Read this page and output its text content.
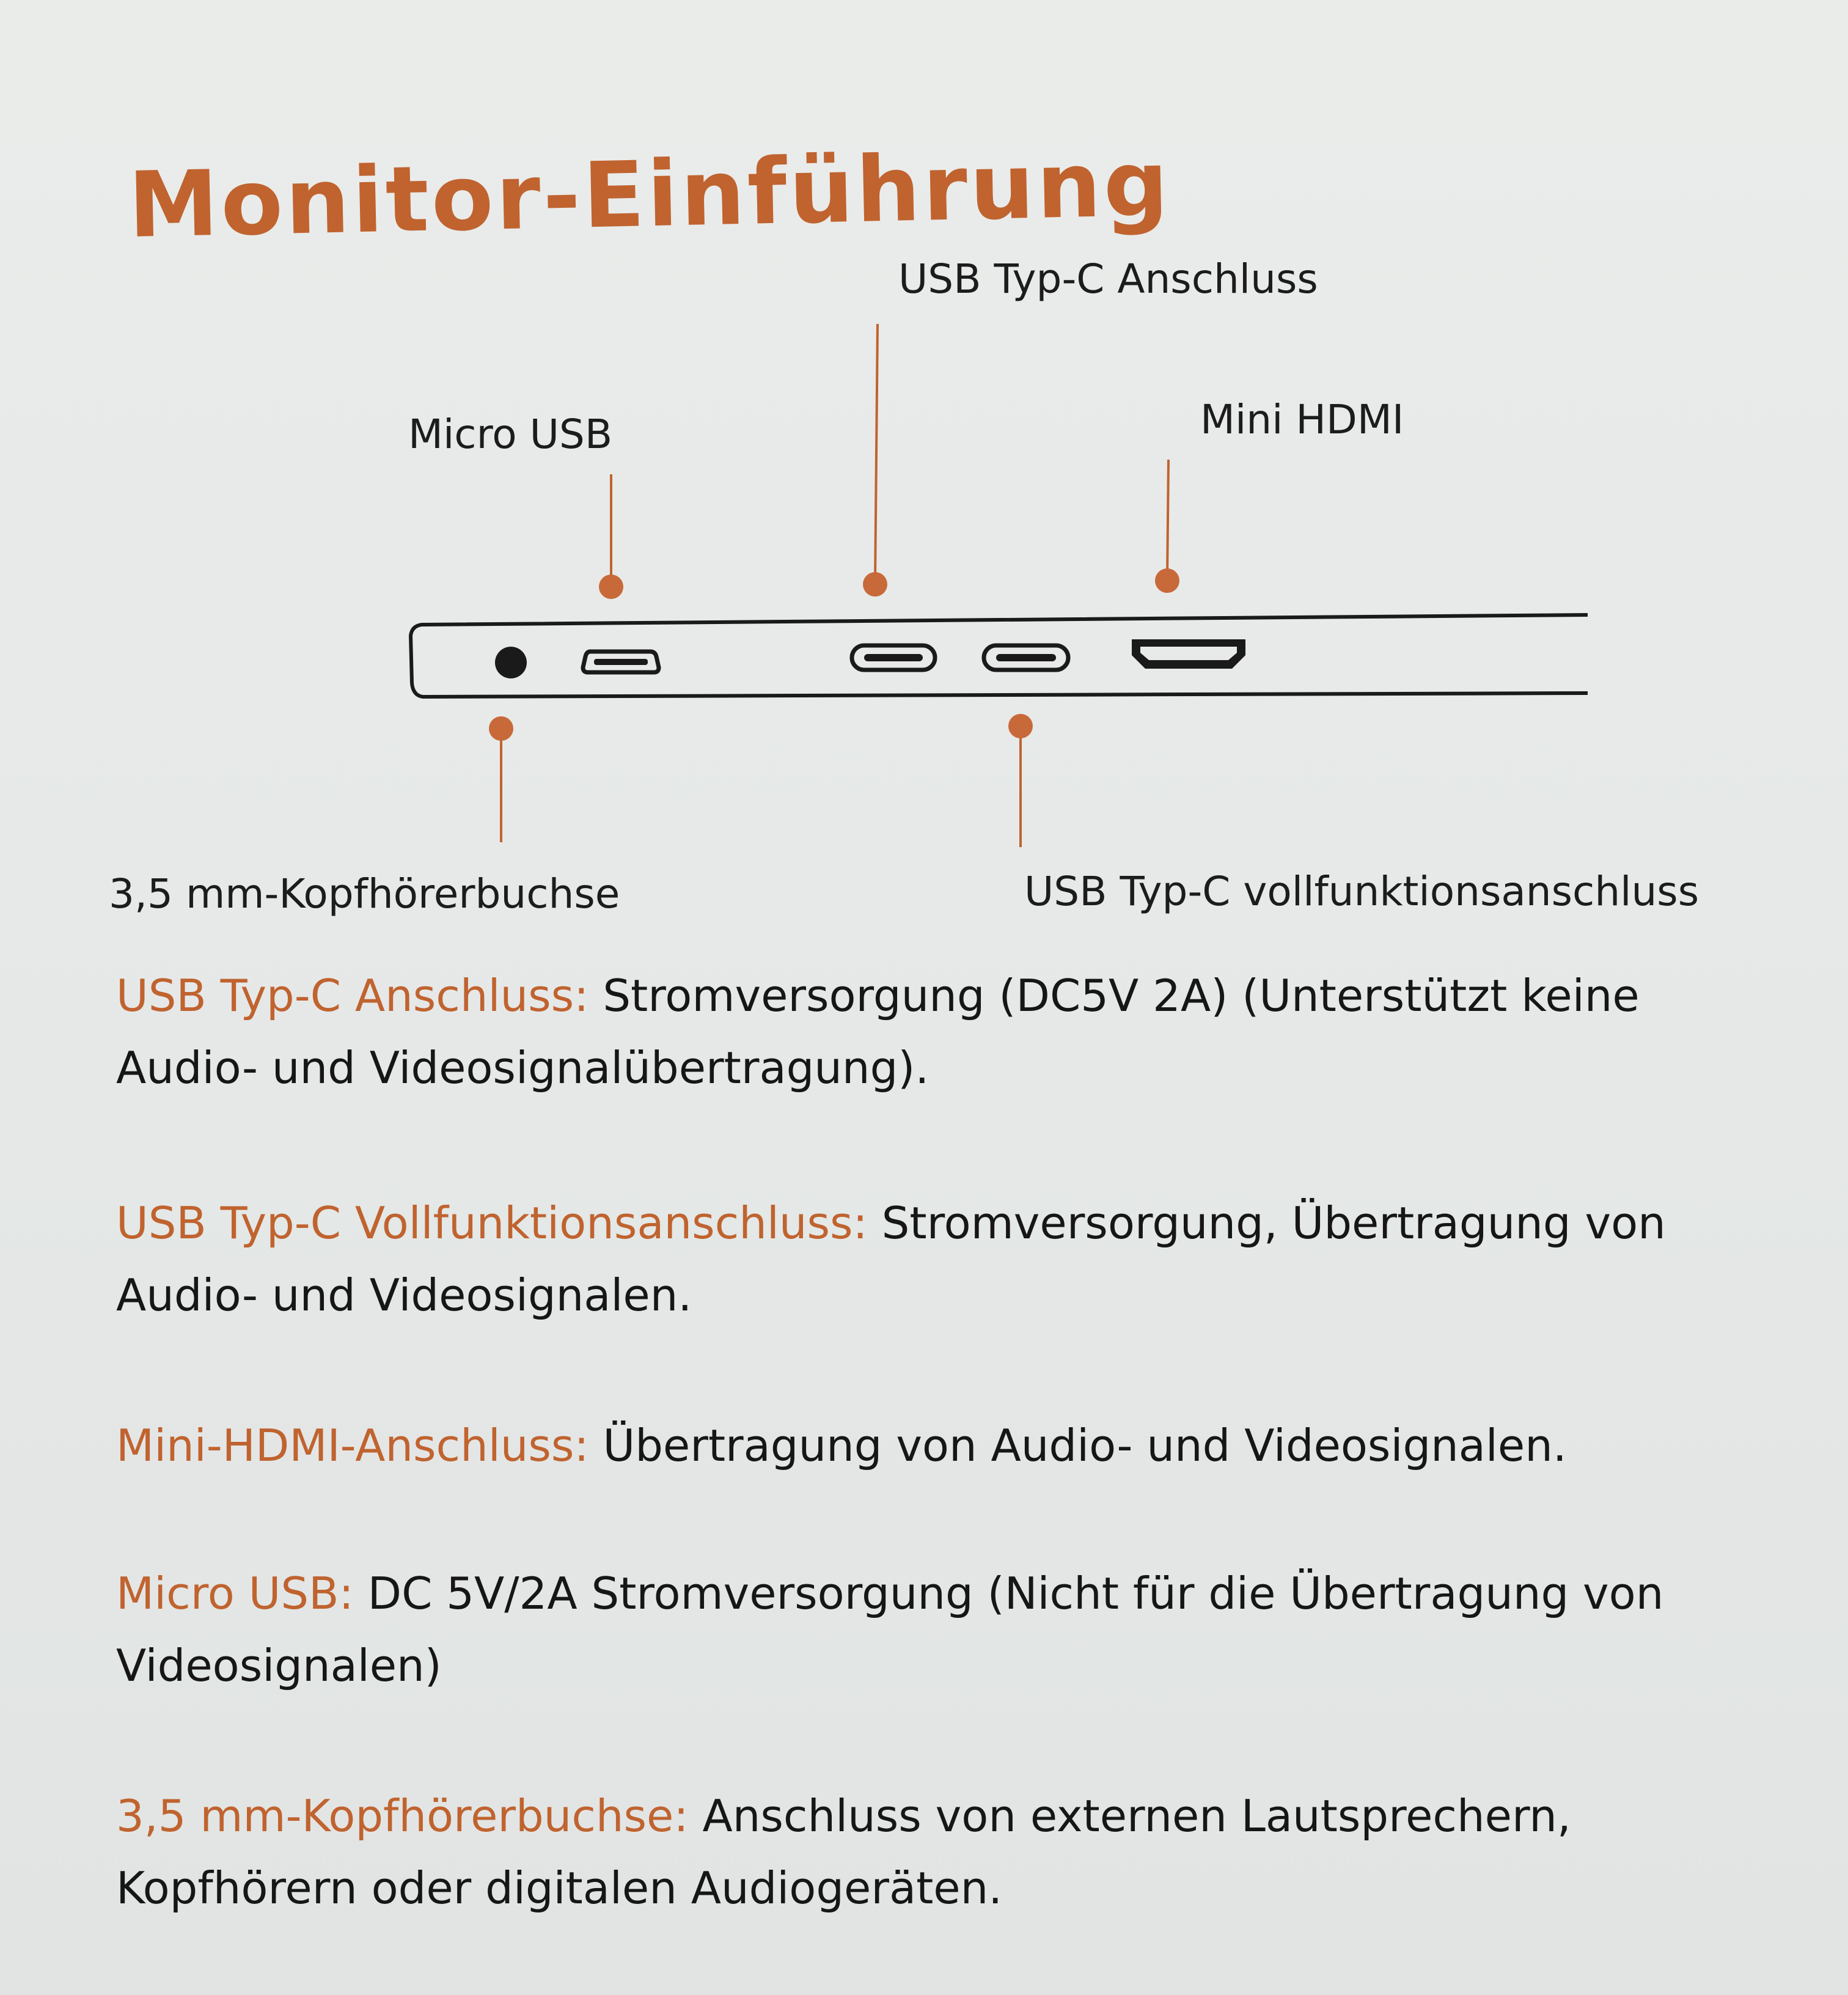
Monitor-Einführung
USB Typ-C Anschluss
Micro USB	Mini HDMI
3,5 mm-Kopfhörerbuchse	USB Typ-C vollfunktionsanschluss
USB Typ-C Anschluss: Stromversorgung (DC5V 2A) (Unterstützt keine Audio- und Videosignalübertragung).
USB Typ-C Vollfunktionsanschluss: Stromversorgung, Übertragung von Audio- und Videosignalen.
Mini-HDMI-Anschluss: Übertragung von Audio- und Videosignalen.
Micro USB: DC 5V/2A Stromversorgung (Nicht für die Übertragung von Videosignalen)
3,5 mm-Kopfhörerbuchse: Anschluss von externen Lautsprechern, Kopfhörern oder digitalen Audiogeräten.
